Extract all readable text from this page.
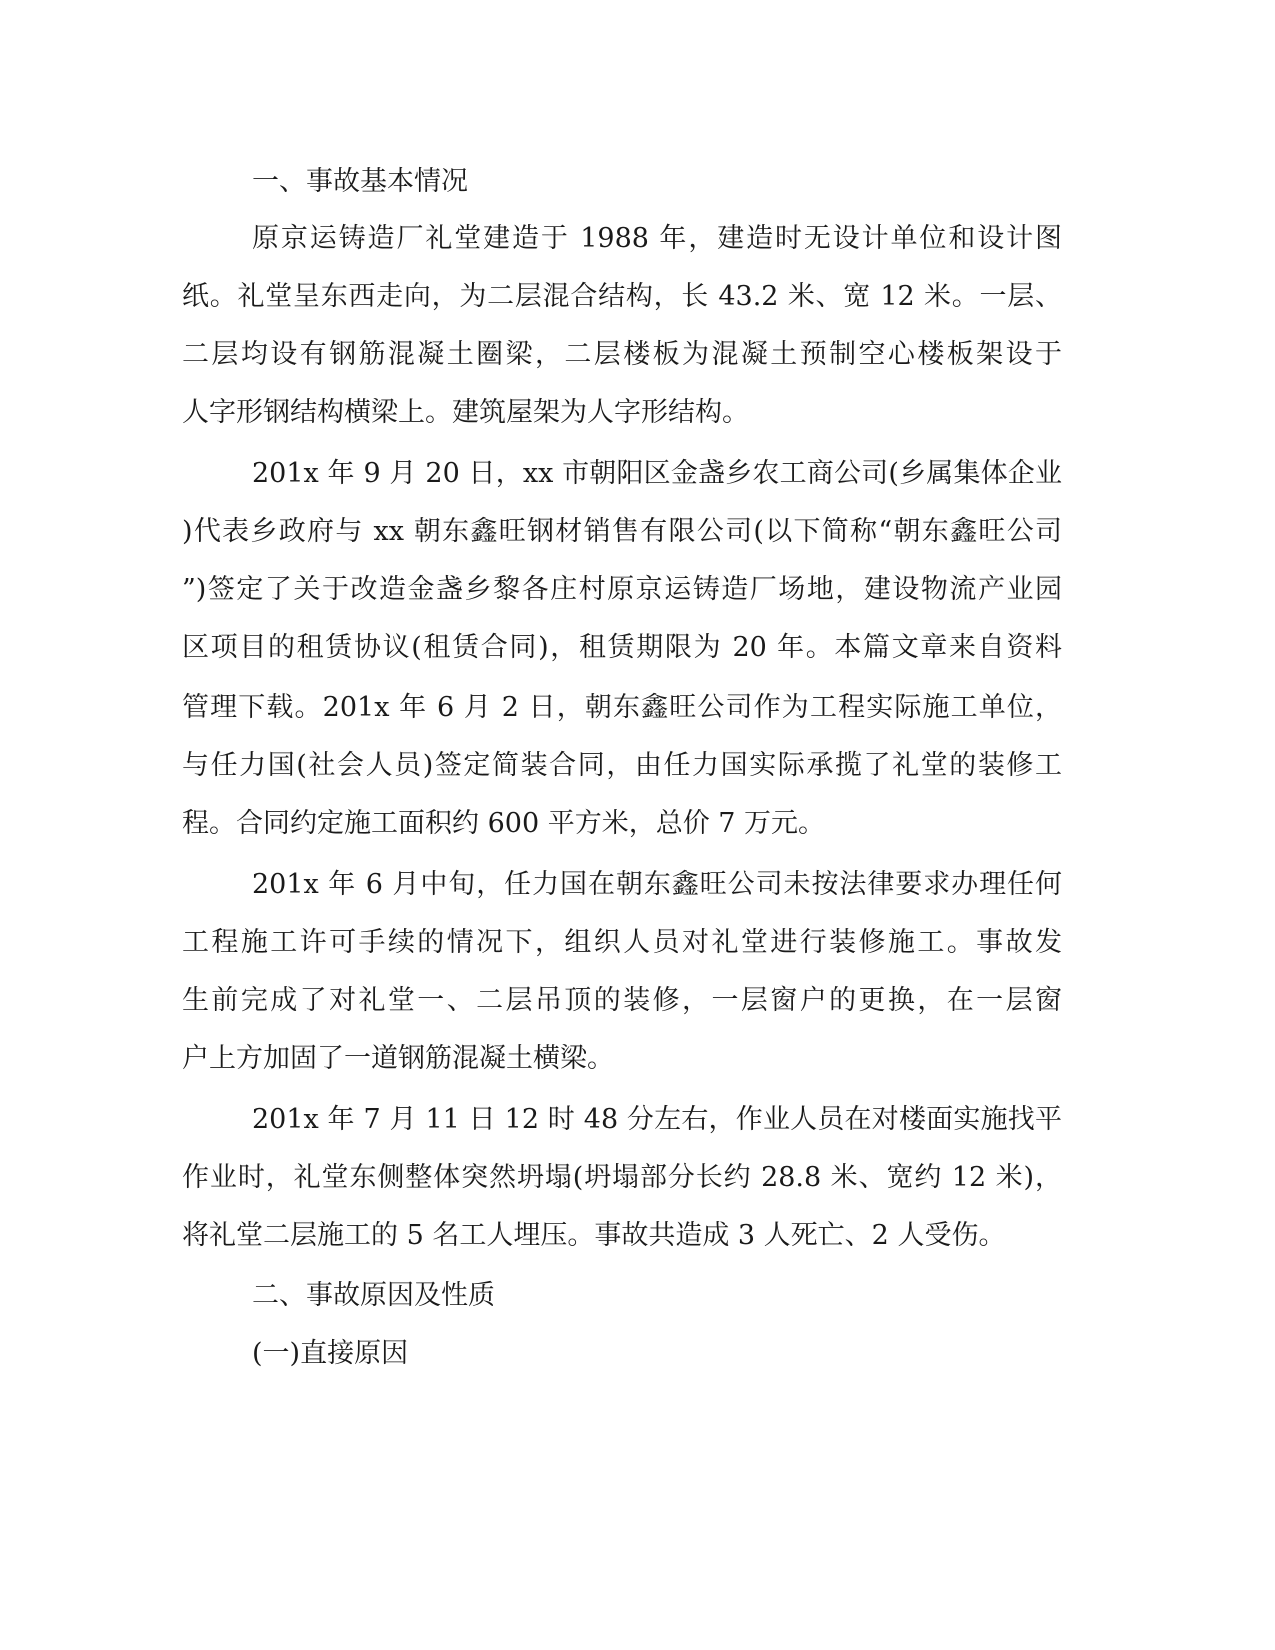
一、事故基本情况
原京运铸造厂礼堂建造于 1988 年，建造时无设计单位和设计图
纸。礼堂呈东西走向，为二层混合结构，长 43.2 米、宽 12 米。一层、
二层均设有钢筋混凝土圈梁，二层楼板为混凝土预制空心楼板架设于
人字形钢结构横梁上。建筑屋架为人字形结构。
201x 年 9 月 20 日，xx 市朝阳区金盏乡农工商公司(乡属集体企业
)代表乡政府与 xx 朝东鑫旺钢材销售有限公司(以下简称“朝东鑫旺公司
”)签定了关于改造金盏乡黎各庄村原京运铸造厂场地，建设物流产业园
区项目的租赁协议(租赁合同)，租赁期限为 20 年。本篇文章来自资料
管理下载。201x 年 6 月 2 日，朝东鑫旺公司作为工程实际施工单位，
与任力国(社会人员)签定简装合同，由任力国实际承揽了礼堂的装修工
程。合同约定施工面积约 600 平方米，总价 7 万元。
201x 年 6 月中旬，任力国在朝东鑫旺公司未按法律要求办理任何
工程施工许可手续的情况下，组织人员对礼堂进行装修施工。事故发
生前完成了对礼堂一、二层吊顶的装修，一层窗户的更换，在一层窗
户上方加固了一道钢筋混凝土横梁。
201x 年 7 月 11 日 12 时 48 分左右，作业人员在对楼面实施找平
作业时，礼堂东侧整体突然坍塌(坍塌部分长约 28.8 米、宽约 12 米)，
将礼堂二层施工的 5 名工人埋压。事故共造成 3 人死亡、2 人受伤。
二、事故原因及性质
(一)直接原因
